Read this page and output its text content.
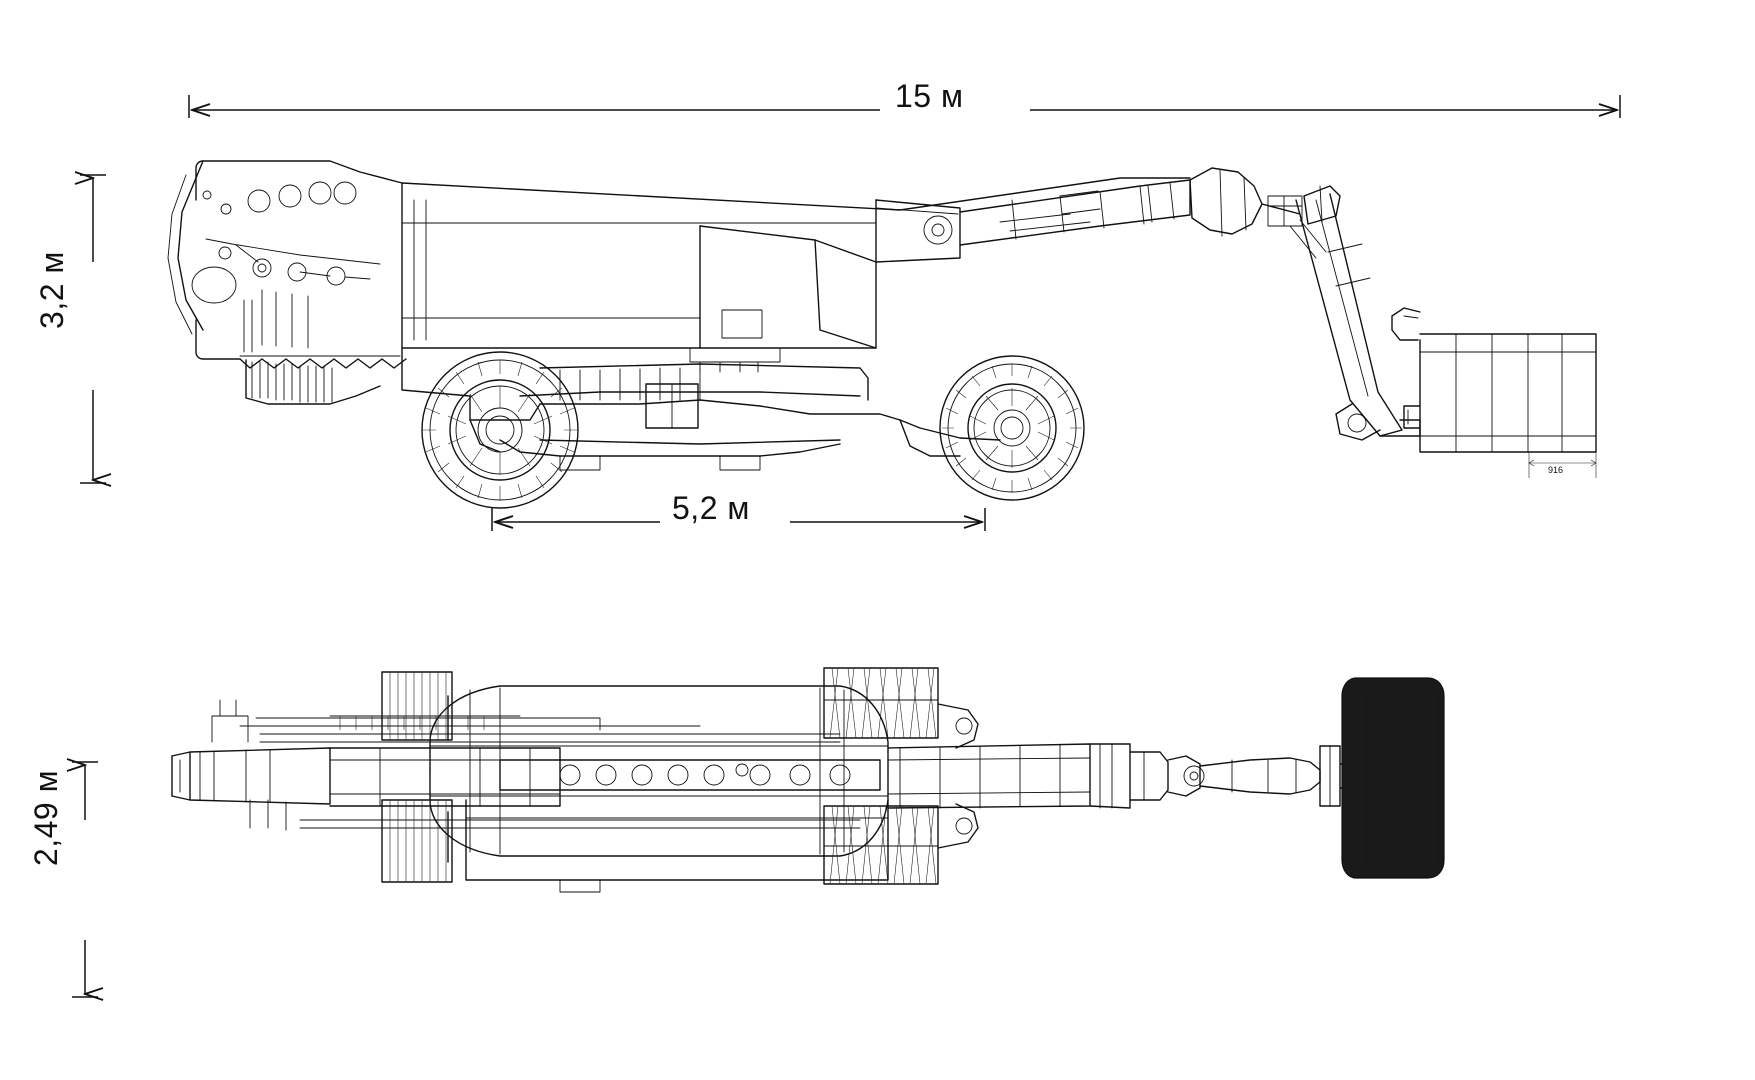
15 м
3,2 м
5,2 м
2,49 м
916
